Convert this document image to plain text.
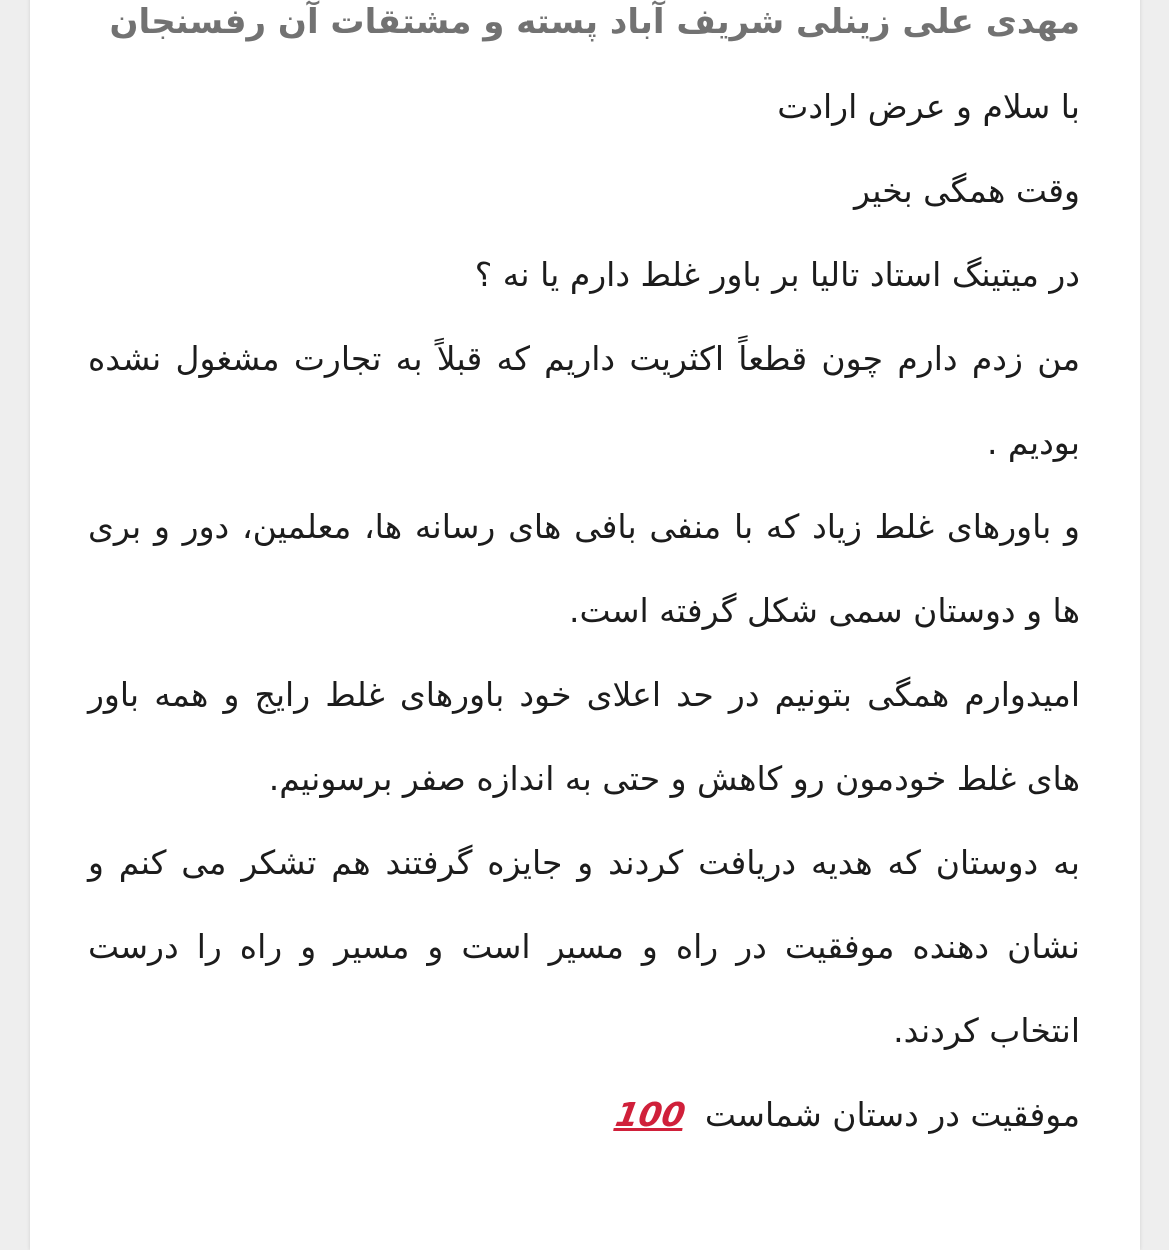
مهدی علی زینلی شریف آباد پسته و مشتقات آن رفسنجان

با سلام و عرض ارادت

وقت همگی بخیر

در میتینگ استاد تالیا بر باور غلط دارم یا نه ؟

من زدم دارم چون قطعاً اکثریت داریم که قبلاً به تجارت مشغول نشده بودیم .

و باورهای غلط زیاد که با منفی بافی های رسانه ها، معلمین، دور و بری ها و دوستان سمی شکل گرفته است.

امیدوارم همگی بتونیم در حد اعلای خود باورهای غلط رایج و همه باور های غلط خودمون رو کاهش و حتی به اندازه صفر برسونیم.

به دوستان که هدیه دریافت کردند و جایزه گرفتند هم تشکر می کنم و نشان دهنده موفقیت در راه و مسیر است و مسیر و راه را درست انتخاب کردند.

موفقیت در دستان شماست 100
